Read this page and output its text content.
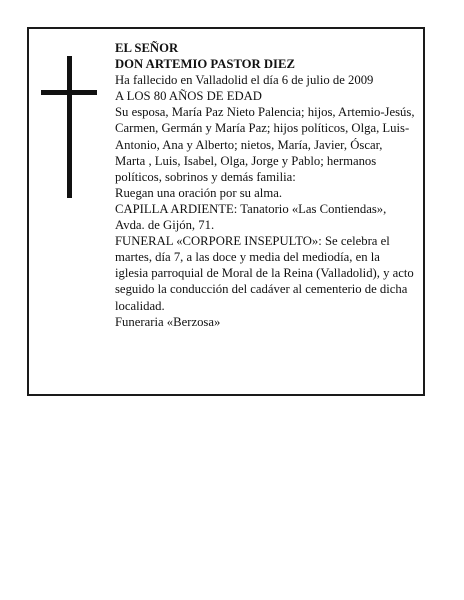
EL SEÑOR

DON ARTEMIO PASTOR DIEZ

Ha fallecido en Valladolid el día 6 de julio de 2009

A LOS 80 AÑOS DE EDAD

Su esposa, María Paz Nieto Palencia; hijos, Artemio-Jesús, Carmen, Germán y María Paz; hijos políticos, Olga, Luis-Antonio, Ana y Alberto; nietos, María, Javier, Óscar, Marta , Luis, Isabel, Olga, Jorge y Pablo; hermanos políticos, sobrinos y demás familia:

Ruegan una oración por su alma.

CAPILLA ARDIENTE: Tanatorio «Las Contiendas», Avda. de Gijón, 71.

FUNERAL «CORPORE INSEPULTO»: Se celebra el martes, día 7, a las doce y media del mediodía, en la iglesia parroquial de Moral de la Reina (Valladolid), y acto seguido la conducción del cadáver al cementerio de dicha localidad.

Funeraria «Berzosa»
